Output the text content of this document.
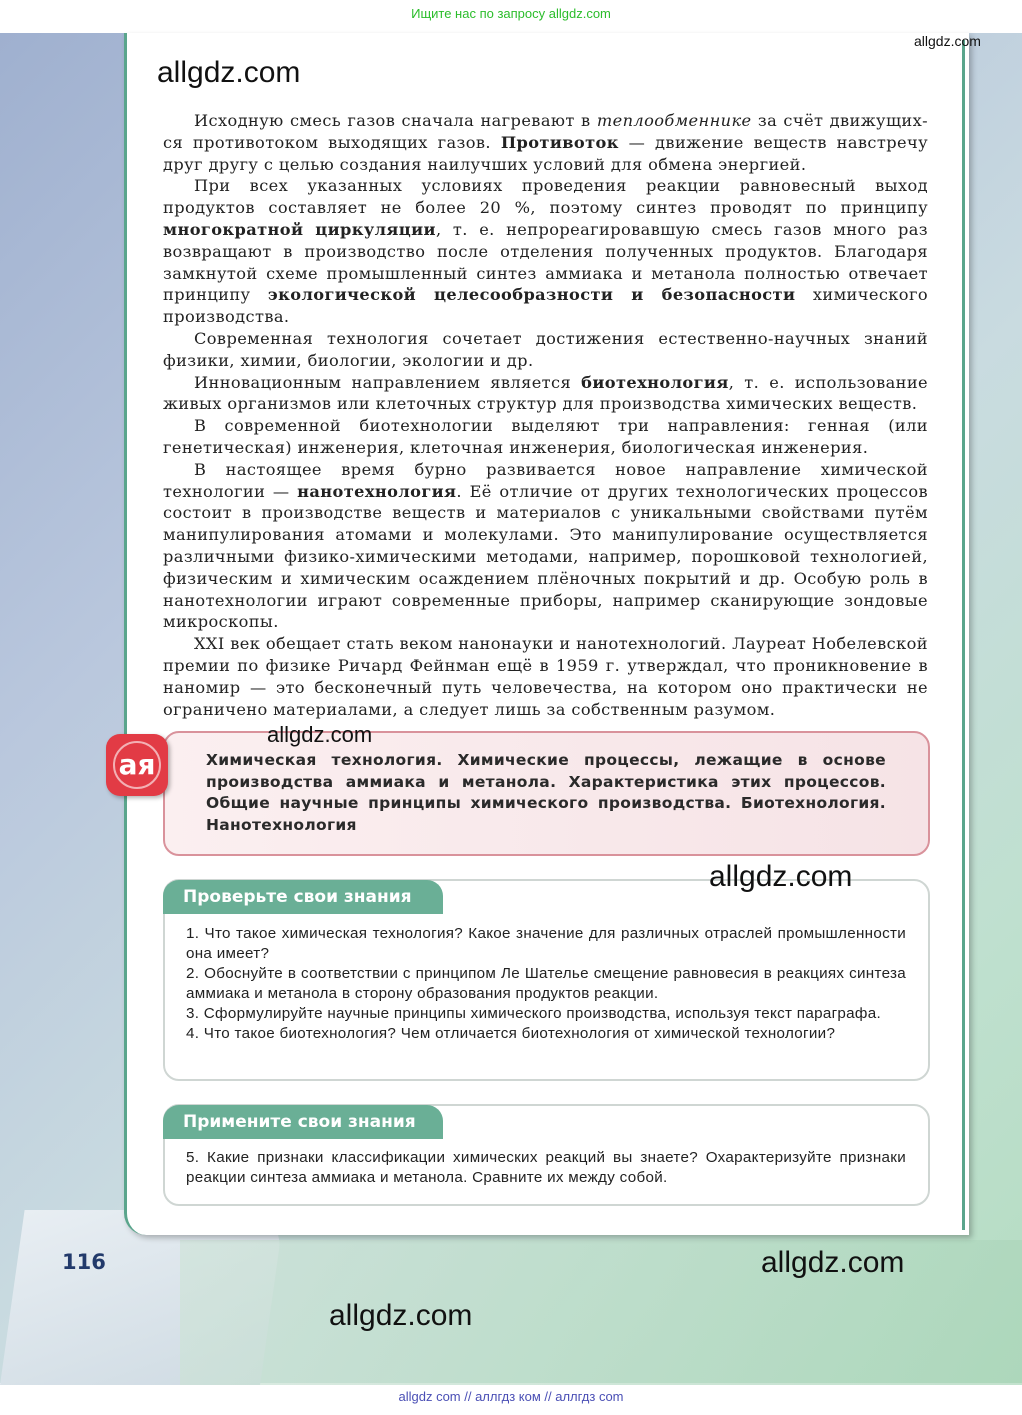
Ищите нас по запросу allgdz.com
allgdz.com
allgdz.com

Исходную смесь газов сначала нагревают в теплообменнике за счёт движущих-ся противотоком выходящих газов. Противоток — движение веществ навстречу друг другу с целью создания наилучших условий для обмена энергией.

При всех указанных условиях проведения реакции равновесный выход продуктов составляет не более 20 %, поэтому синтез проводят по принципу многократной циркуляции, т. е. непрореагировавшую смесь газов много раз возвращают в производство после отделения полученных продуктов. Благодаря замкнутой схеме промышленный синтез аммиака и метанола полностью отвечает принципу экологической целесообразности и безопасности химического производства.

Современная технология сочетает достижения естественно-научных знаний физики, химии, биологии, экологии и др.

Инновационным направлением является биотехнология, т. е. использование живых организмов или клеточных структур для производства химических веществ.

В современной биотехнологии выделяют три направления: генная (или генетическая) инженерия, клеточная инженерия, биологическая инженерия.

В настоящее время бурно развивается новое направление химической технологии — нанотехнология. Её отличие от других технологических процессов состоит в производстве веществ и материалов с уникальными свойствами путём манипулирования атомами и молекулами. Это манипулирование осуществляется различными физико-химическими методами, например, порошковой технологией, физическим и химическим осаждением плёночных покрытий и др. Особую роль в нанотехнологии играют современные приборы, например сканирующие зондовые микроскопы.

XXI век обещает стать веком нанонауки и нанотехнологий. Лауреат Нобелевской премии по физике Ричард Фейнман ещё в 1959 г. утверждал, что проникновение в наномир — это бесконечный путь человечества, на котором оно практически не ограничено материалами, а следует лишь за собственным разумом.

ая
allgdz.com
Химическая технология. Химические процессы, лежащие в основе производства аммиака и метанола. Характеристика этих процессов. Общие научные принципы химического производства. Биотехнология. Нанотехнология
Проверьте свои знания
allgdz.com
1. Что такое химическая технология? Какое значение для различных отраслей промышленности она имеет?
2. Обоснуйте в соответствии с принципом Ле Шателье смещение равновесия в реакциях синтеза аммиака и метанола в сторону образования продуктов реакции.
3. Сформулируйте научные принципы химического производства, используя текст параграфа.
4. Что такое биотехнология? Чем отличается биотехнология от химической технологии?
Примените свои знания
5. Какие признаки классификации химических реакций вы знаете? Охарактеризуйте признаки реакции синтеза аммиака и метанола. Сравните их между собой.
116	allgdz.com
allgdz.com
allgdz com // аллгдз ком // аллгдз com
